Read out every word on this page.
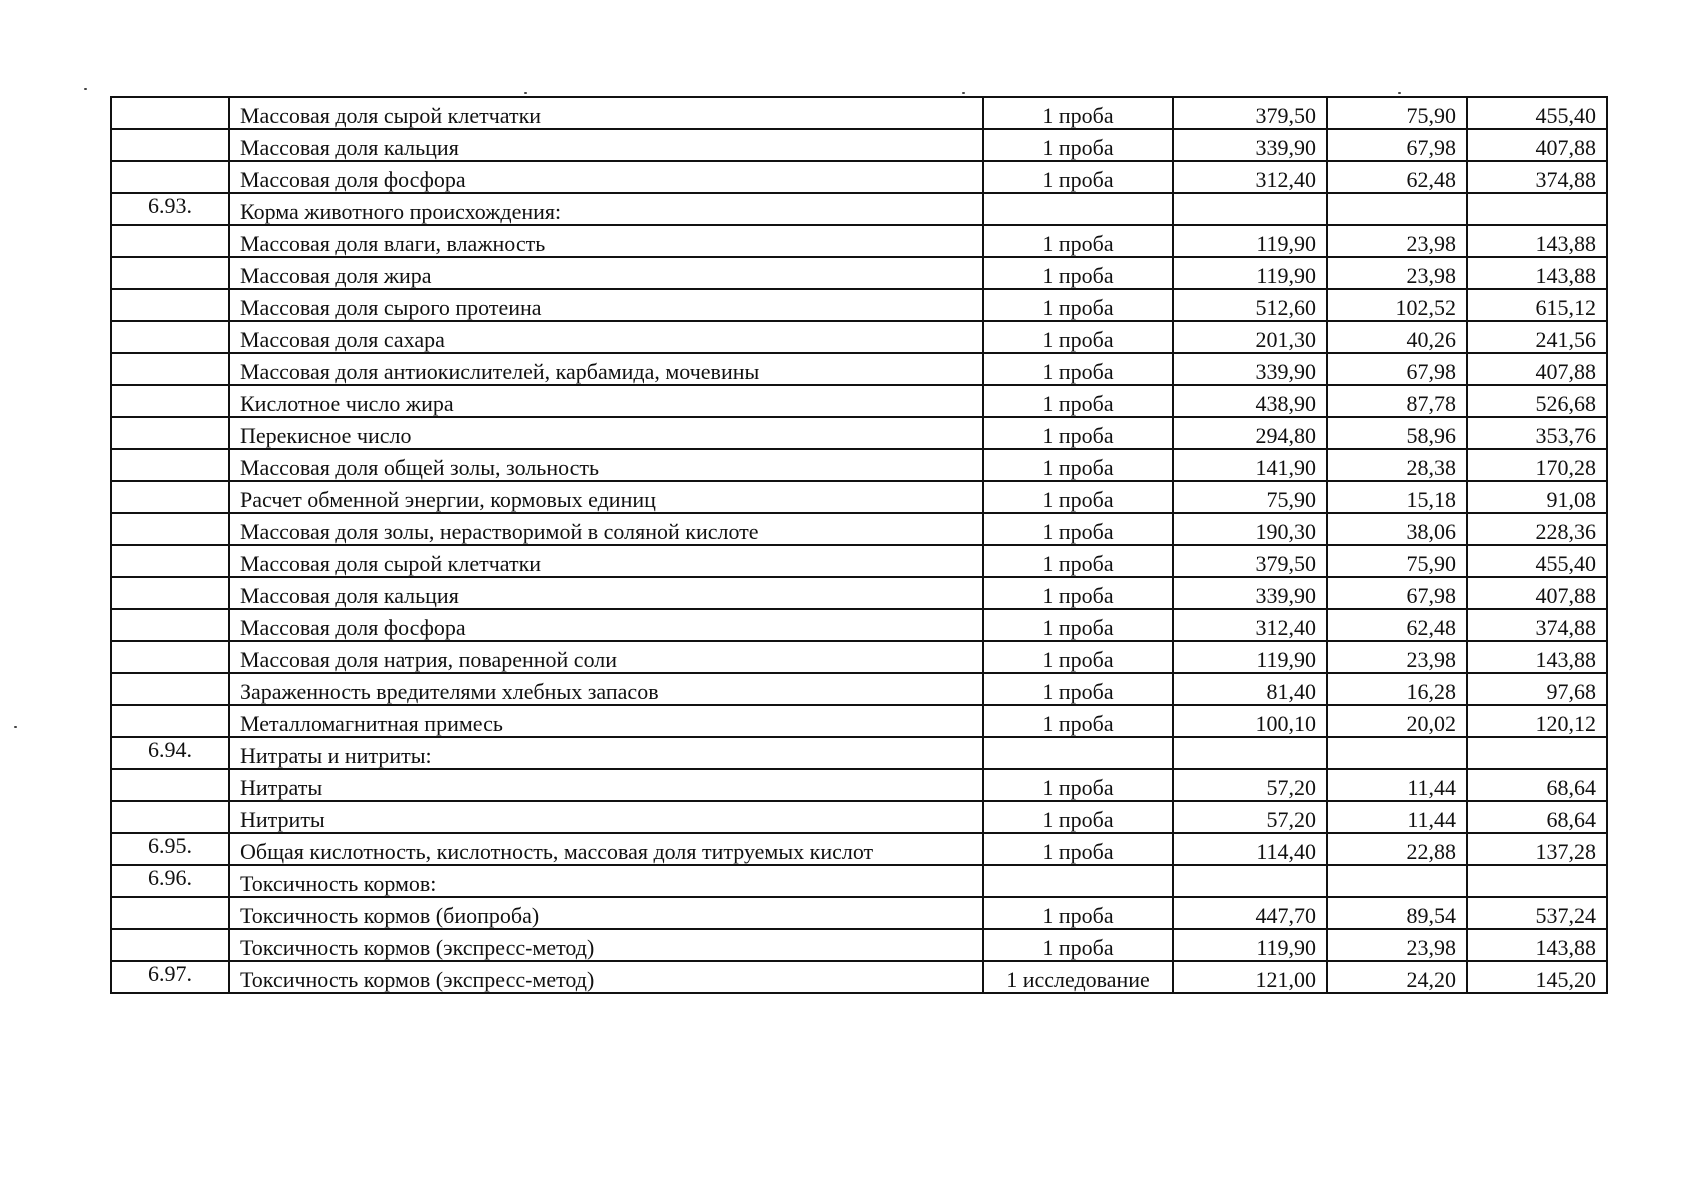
	Массовая доля сырой клетчатки	1 проба	379,50	75,90	455,40
	Массовая доля кальция	1 проба	339,90	67,98	407,88
	Массовая доля фосфора	1 проба	312,40	62,48	374,88
6.93.	Корма животного происхождения:				
	Массовая доля влаги, влажность	1 проба	119,90	23,98	143,88
	Массовая доля жира	1 проба	119,90	23,98	143,88
	Массовая доля сырого протеина	1 проба	512,60	102,52	615,12
	Массовая доля сахара	1 проба	201,30	40,26	241,56
	Массовая доля антиокислителей, карбамида, мочевины	1 проба	339,90	67,98	407,88
	Кислотное число жира	1 проба	438,90	87,78	526,68
	Перекисное число	1 проба	294,80	58,96	353,76
	Массовая доля общей золы, зольность	1 проба	141,90	28,38	170,28
	Расчет обменной энергии, кормовых единиц	1 проба	75,90	15,18	91,08
	Массовая доля золы, нерастворимой в соляной кислоте	1 проба	190,30	38,06	228,36
	Массовая доля сырой клетчатки	1 проба	379,50	75,90	455,40
	Массовая доля кальция	1 проба	339,90	67,98	407,88
	Массовая доля фосфора	1 проба	312,40	62,48	374,88
	Массовая доля натрия, поваренной соли	1 проба	119,90	23,98	143,88
	Зараженность вредителями хлебных запасов	1 проба	81,40	16,28	97,68
	Металломагнитная примесь	1 проба	100,10	20,02	120,12
6.94.	Нитраты и нитриты:				
	Нитраты	1 проба	57,20	11,44	68,64
	Нитриты	1 проба	57,20	11,44	68,64
6.95.	Общая кислотность, кислотность, массовая доля титруемых кислот	1 проба	114,40	22,88	137,28
6.96.	Токсичность кормов:				
	Токсичность кормов (биопроба)	1 проба	447,70	89,54	537,24
	Токсичность кормов (экспресс-метод)	1 проба	119,90	23,98	143,88
6.97.	Токсичность кормов (экспресс-метод)	1 исследование	121,00	24,20	145,20
